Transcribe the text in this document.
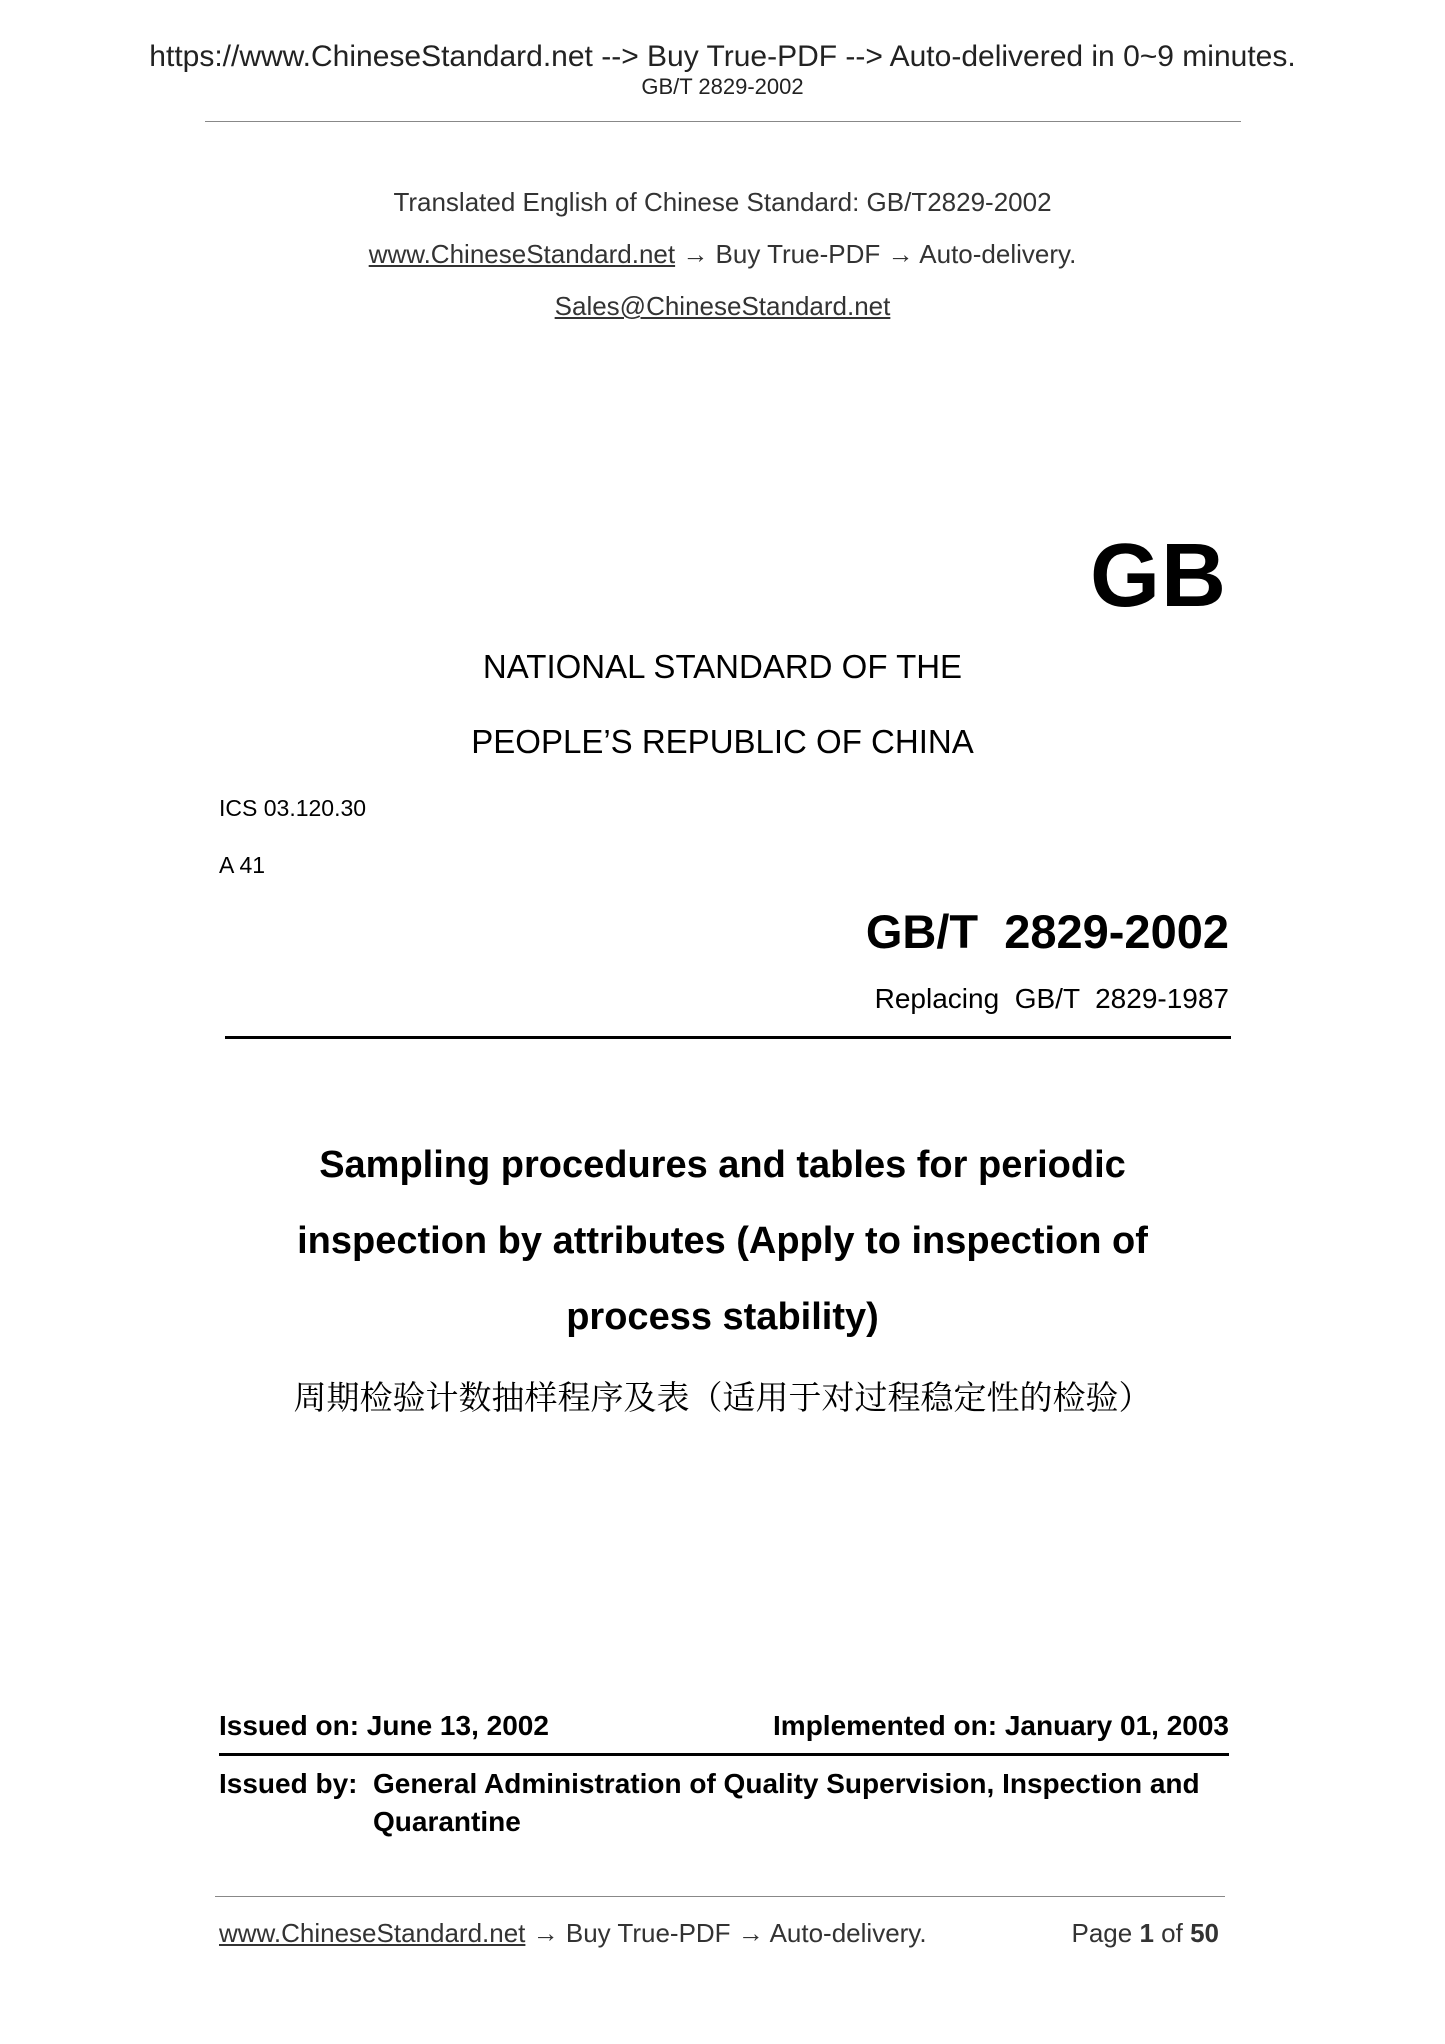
https://www.ChineseStandard.net --> Buy True-PDF --> Auto-delivered in 0~9 minutes.
GB/T 2829-2002
Translated English of Chinese Standard: GB/T2829-2002
www.ChineseStandard.net → Buy True-PDF → Auto-delivery.
Sales@ChineseStandard.net
GB
NATIONAL STANDARD OF THE
PEOPLE’S REPUBLIC OF CHINA
ICS 03.120.30
A 41
GB/T  2829-2002
Replacing  GB/T  2829-1987
Sampling procedures and tables for periodic
inspection by attributes (Apply to inspection of
process stability)
周期检验计数抽样程序及表（适用于对过程稳定性的检验）
Issued on: June 13, 2002	Implemented on: January 01, 2003
Issued by: General Administration of Quality Supervision, Inspection and
Quarantine
www.ChineseStandard.net → Buy True-PDF → Auto-delivery.	Page 1 of 50
